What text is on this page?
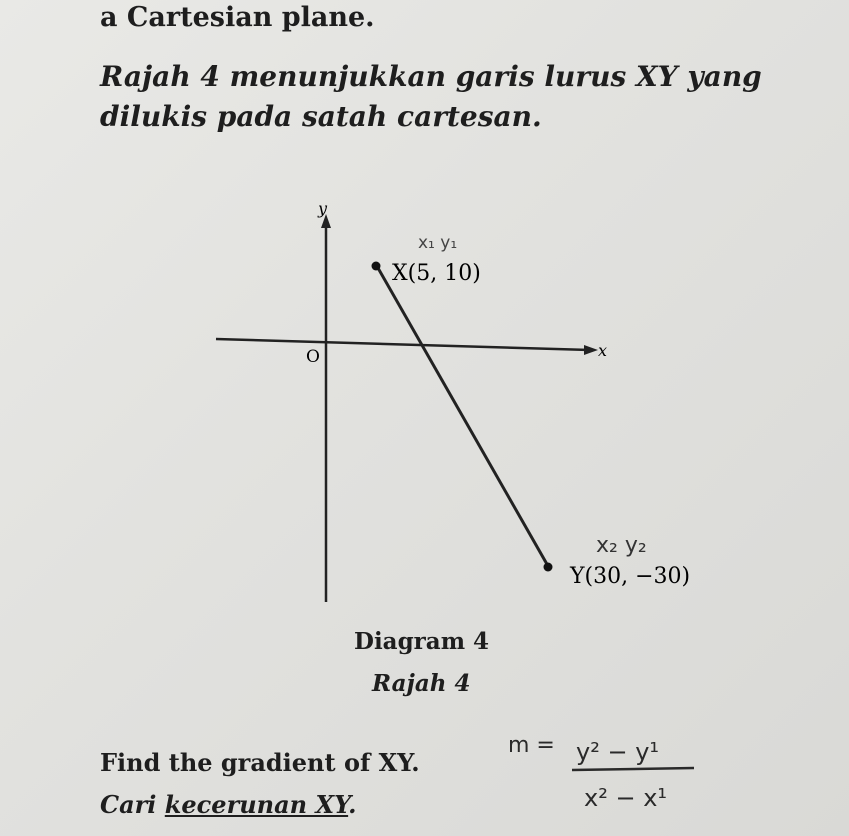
a Cartesian plane.
Rajah 4 menunjukkan garis lurus XY yang
dilukis pada satah cartesan.
y
x
O
X(5, 10)
Y(30, −30)
x₁ y₁
x₂ y₂
m = y² − y¹
x² − x¹
Diagram 4
Rajah 4
Find the gradient of XY.
Cari kecerunan XY.
